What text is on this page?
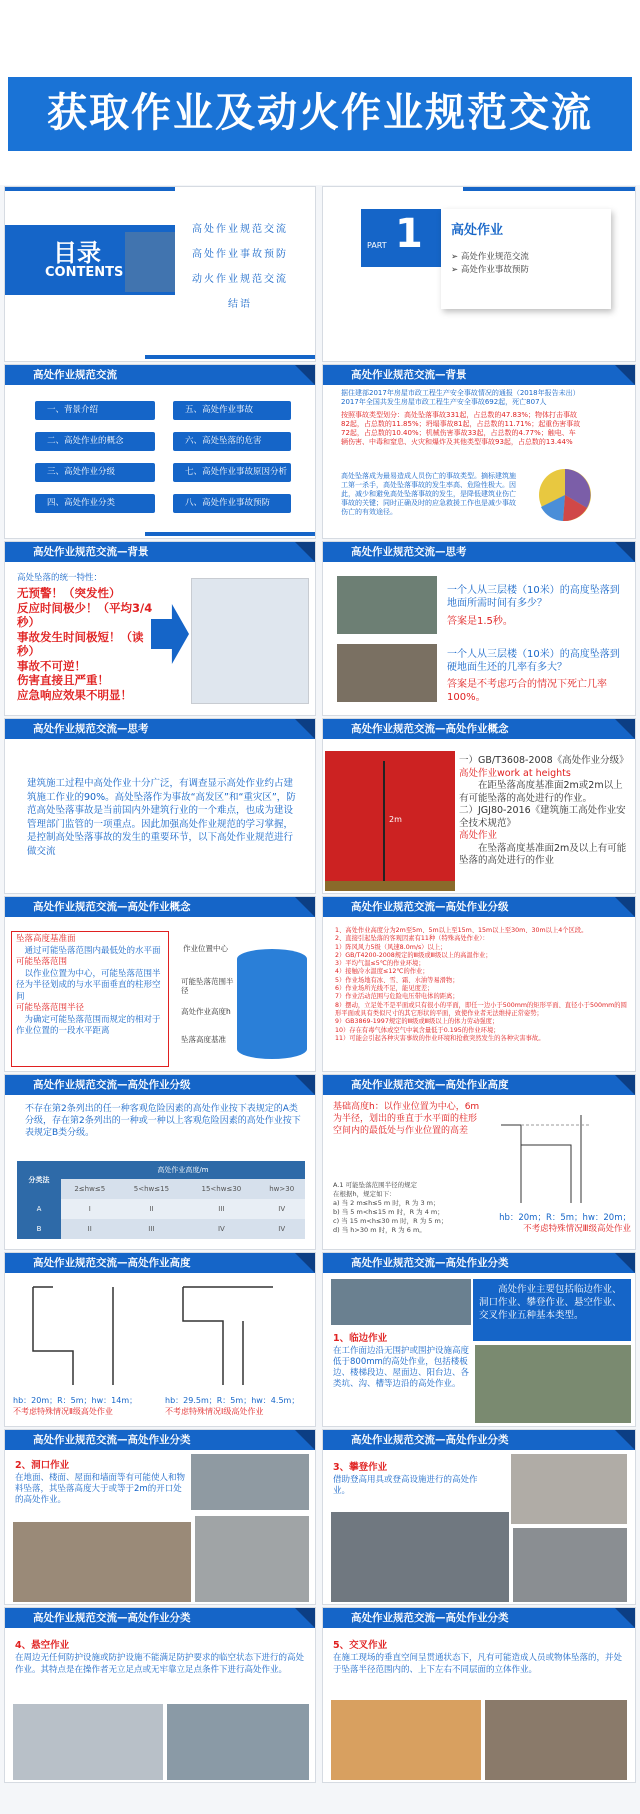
获取作业及动火作业规范交流
目录
CONTENTS
高处作业规范交流
高处作业事故预防
动火作业规范交流
结语
PART 1 高处作业
➢ 高处作业规范交流
➢ 高处作业事故预防
高处作业规范交流
一、背景介绍
二、高处作业的概念
三、高处作业分级
四、高处作业分类
五、高处作业事故
六、高处坠落的危害
七、高处作业事故原因分析
八、高处作业事故预防
高处作业规范交流—背景
据住建部2017年房屋市政工程生产安全事故情况的通报（2018年报告未出）2017年全国共发生房屋市政工程生产安全事故692起，死亡807人
按照事故类型划分：高处坠落事故331起，占总数的47.83%；物体打击事故82起，占总数的11.85%；坍塌事故81起，占总数的11.71%；起重伤害事故72起，占总数的10.40%；机械伤害事故33起，占总数的4.77%；触电、车辆伤害、中毒和窒息、火灾和爆炸及其他类型事故93起，占总数的13.44%
高处坠落成为最易造成人员伤亡的事故类型。摘标建筑施工第一杀手，高处坠落事故的发生率高、危险性极大。因此，减少和避免高处坠落事故的发生，是降低建筑业伤亡事故的关键；同时正确及时的应急救援工作也是减少事故伤亡的有效途径。
高处作业规范交流—背景
高处坠落的统一特性：
无预警！（突发性）
反应时间极少！（平均3/4秒）
事故发生时间极短！（读秒）
事故不可逆！
伤害直接且严重！
应急响应效果不明显！
高处作业规范交流—思考
一个人从三层楼（10米）的高度坠落到地面所需时间有多少？
答案是1.5秒。
一个人从三层楼（10米）的高度坠落到硬地面生还的几率有多大？
答案是不考虑巧合的情况下死亡几率100%。
高处作业规范交流—思考
建筑施工过程中高处作业十分广泛，有调查显示高处作业约占建筑施工作业的90%。高处坠落作为事故“高发区”和“重灾区”，防范高处坠落事故是当前国内外建筑行业的一个难点，也成为建设管理部门监管的一项重点。因此加强高处作业规范的学习掌握，是控制高处坠落事故的发生的重要环节，以下高处作业规范进行做交流
高处作业规范交流—高处作业概念
2m
一）GB/T3608-2008《高处作业分级》
高处作业work at heights
在距坠落高度基准面2m或2m以上有可能坠落的高处进行的作业。
二）JGJ80-2016《建筑施工高处作业安全技术规范》
高处作业
在坠落高度基准面2m及以上有可能坠落的高处进行的作业
高处作业规范交流—高处作业概念
坠落高度基准面
通过可能坠落范围内最低处的水平面
可能坠落范围
以作业位置为中心，可能坠落范围半径为半径划成的与水平面垂直的柱形空间
可能坠落范围半径
为确定可能坠落范围而规定的相对于作业位置的一段水平距离
作业位置中心
可能坠落范围半径
高处作业高度h
坠落高度基准
高处作业规范交流—高处作业分级
1、高处作业高度分为2m至5m、5m以上至15m、15m以上至30m、30m以上4个区段。
2、直接引起坠落的客观因素有11种（特殊高处作业）：
1）阵风风力5级（风速8.0m/s）以上；
2）GB/T4200-2008规定的Ⅲ级或Ⅲ级以上的高温作业；
3）平均气温≤5℃的作业环境；
4）接触冷水温度≤12℃的作业；
5）作业场地有冰、雪、霜、水油等易滑物；
6）作业场所光线不足，能见度差；
7）作业活动范围与危险电压带电体的距离；
8）摆动，立足处不是平面或只有很小的平面，即任一边小于500mm的矩形平面、直径小于500mm的圆形平面或具有类似尺寸的其它形状的平面，致使作业者无法维持正常姿势；
9）GB3869-1997规定的Ⅲ级或Ⅲ级以上的体力劳动强度；
10）存在有毒气体或空气中氧含量低于0.195的作业环境；
11）可能会引起各种灾害事故的作业环境和抢救突然发生的各种灾害事故。
高处作业规范交流—高处作业分级
不存在第2条列出的任一种客观危险因素的高处作业按下表规定的A类分级，存在第2条列出的一种或一种以上客观危险因素的高处作业按下表规定B类分级。
分类法	高处作业高度/m			
	2≤hw≤5	5<hw≤15	15<hw≤30	hw>30
A	I	II	III	IV
B	II	III	IV	IV
高处作业规范交流—高处作业高度
基础高度h：以作业位置为中心，6m为半径，划出的垂直于水平面的柱形空间内的最低处与作业位置的高差
A.1 可能坠落范围半径的规定
在根据h，规定如下：
a) 当 2 m≤h≤5 m 时，R 为 3 m；
b) 当 5 m<h≤15 m 时，R 为 4 m；
c) 当 15 m<h≤30 m 时，R 为 5 m；
d) 当 h>30 m 时，R 为 6 m。
hb：20m；R：5m；hw：20m；
不考虑特殊情况Ⅲ级高处作业
高处作业规范交流—高处作业高度
hb：20m；R：5m；hw：14m；
不考虑特殊情况Ⅱ级高处作业
hb：29.5m；R：5m；hw：4.5m；
不考虑特殊情况Ⅰ级高处作业
高处作业规范交流—高处作业分类
高处作业主要包括临边作业、洞口作业、攀登作业、悬空作业、交叉作业五种基本类型。
1、临边作业
在工作面边沿无围护或围护设施高度低于800mm的高处作业，包括楼板边、楼梯段边、屋面边、阳台边、各类坑、沟、槽等边沿的高处作业。
高处作业规范交流—高处作业分类
2、洞口作业
在地面、楼面、屋面和墙面等有可能使人和物料坠落，其坠落高度大于或等于2m的开口处的高处作业。
高处作业规范交流—高处作业分类
3、攀登作业
借助登高用具或登高设施进行的高处作业。
高处作业规范交流—高处作业分类
4、悬空作业
在周边无任何防护设施或防护设施不能满足防护要求的临空状态下进行的高处作业。其特点是在操作者无立足点或无牢靠立足点条件下进行高处作业。
高处作业规范交流—高处作业分类
5、交叉作业
在施工现场的垂直空间呈贯通状态下，凡有可能造成人员或物体坠落的，并处于坠落半径范围内的、上下左右不同层面的立体作业。
